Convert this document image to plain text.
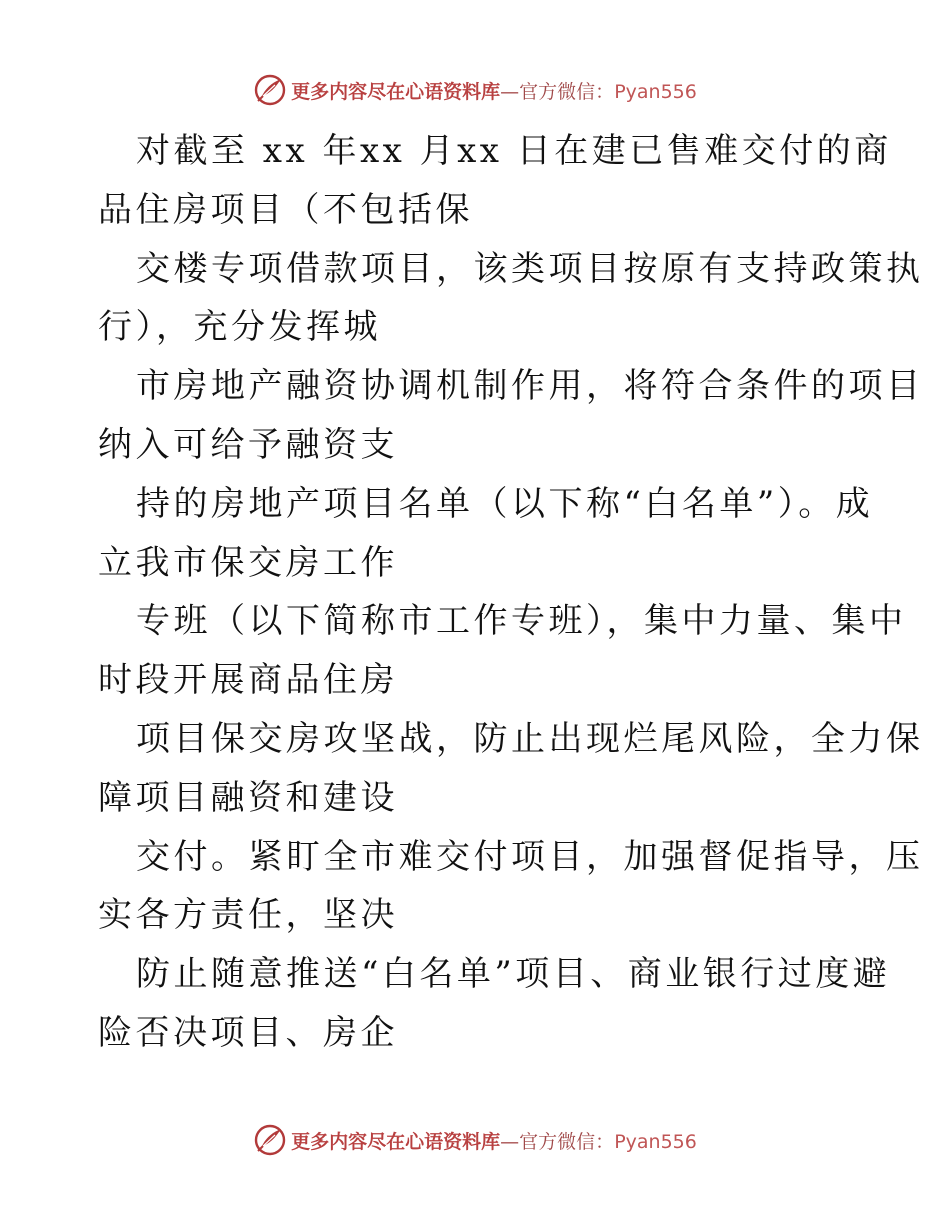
更多内容尽在心语资料库—官方微信：Pyan556
对截至 xx 年xx 月xx 日在建已售难交付的商
品住房项目（不包括保
交楼专项借款项目，该类项目按原有支持政策执
行），充分发挥城
市房地产融资协调机制作用，将符合条件的项目
纳入可给予融资支
持的房地产项目名单（以下称“白名单”）。成
立我市保交房工作
专班（以下简称市工作专班），集中力量、集中
时段开展商品住房
项目保交房攻坚战，防止出现烂尾风险，全力保
障项目融资和建设
交付。紧盯全市难交付项目，加强督促指导，压
实各方责任，坚决
防止随意推送“白名单”项目、商业银行过度避
险否决项目、房企
更多内容尽在心语资料库—官方微信：Pyan556
